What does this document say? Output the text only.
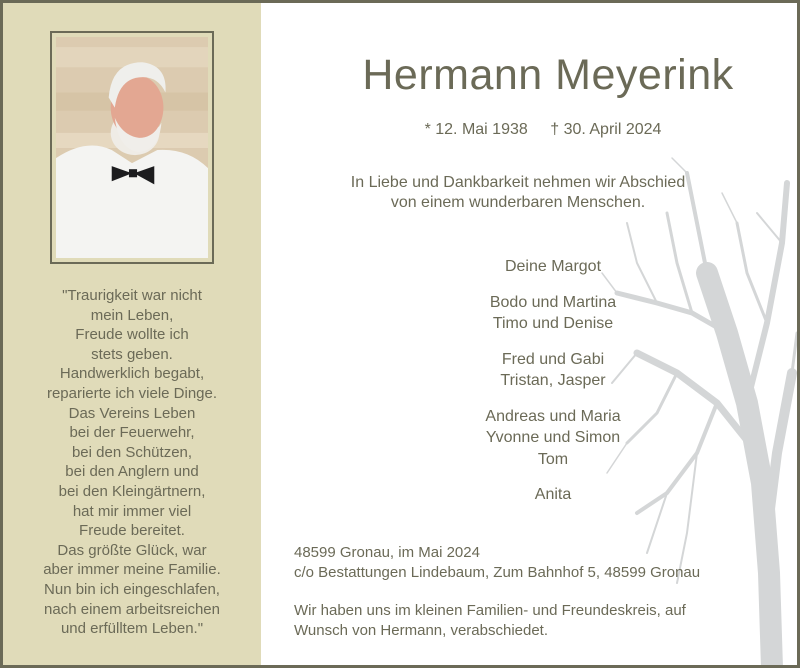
"Traurigkeit war nicht
mein Leben,
Freude wollte ich
stets geben.
Handwerklich begabt,
reparierte ich viele Dinge.
Das Vereins Leben
bei der Feuerwehr,
bei den Schützen,
bei den Anglern und
bei den Kleingärtnern,
hat mir immer viel
Freude bereitet.
Das größte Glück, war
aber immer meine Familie.
Nun bin ich eingeschlafen,
nach einem arbeitsreichen
und erfülltem Leben."
Hermann Meyerink
* 12. Mai 1938 † 30. April 2024
In Liebe und Dankbarkeit nehmen wir Abschied
von einem wunderbaren Menschen.
Deine Margot
Bodo und Martina
Timo und Denise
Fred und Gabi
Tristan, Jasper
Andreas und Maria
Yvonne und Simon
Tom
Anita
48599 Gronau, im Mai 2024
c/o Bestattungen Lindebaum, Zum Bahnhof 5, 48599 Gronau
Wir haben uns im kleinen Familien- und Freundeskreis, auf
Wunsch von Hermann, verabschiedet.
